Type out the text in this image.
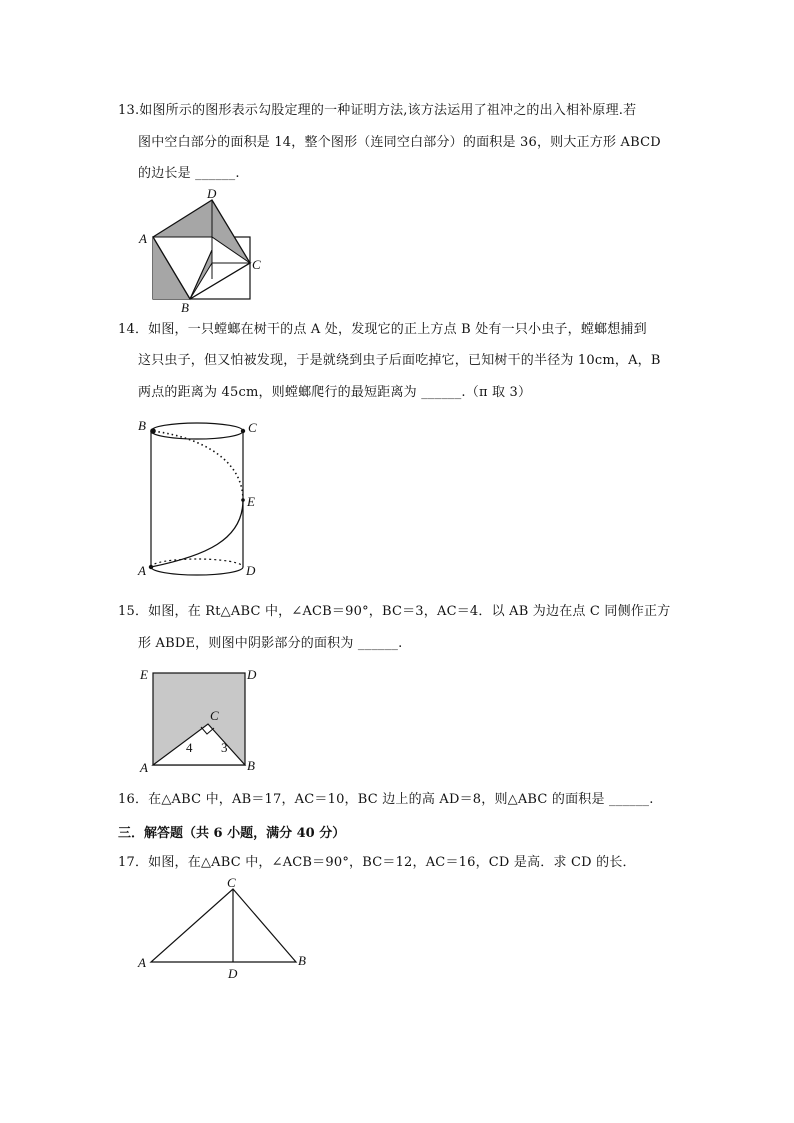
13.如图所示的图形表示勾股定理的一种证明方法,该方法运用了祖冲之的出入相补原理.若
图中空白部分的面积是 14，整个图形（连同空白部分）的面积是 36，则大正方形 ABCD
的边长是 ______.
A
D
C
B
14．如图，一只螳螂在树干的点 A 处，发现它的正上方点 B 处有一只小虫子，螳螂想捕到
这只虫子，但又怕被发现，于是就绕到虫子后面吃掉它，已知树干的半径为 10cm，A，B
两点的距离为 45cm，则螳螂爬行的最短距离为 ______.（π 取 3）
B	C
E
A	D
15．如图，在 Rt△ABC 中，∠ACB＝90°，BC＝3，AC＝4．以 AB 为边在点 C 同侧作正方
形 ABDE，则图中阴影部分的面积为 ______.
E	D
C
A	B
4 3
16．在△ABC 中，AB＝17，AC＝10，BC 边上的高 AD＝8，则△ABC 的面积是 ______.
三．解答题（共 6 小题，满分 40 分）
17．如图，在△ABC 中，∠ACB＝90°，BC＝12，AC＝16，CD 是高．求 CD 的长．
C
A	B
D
